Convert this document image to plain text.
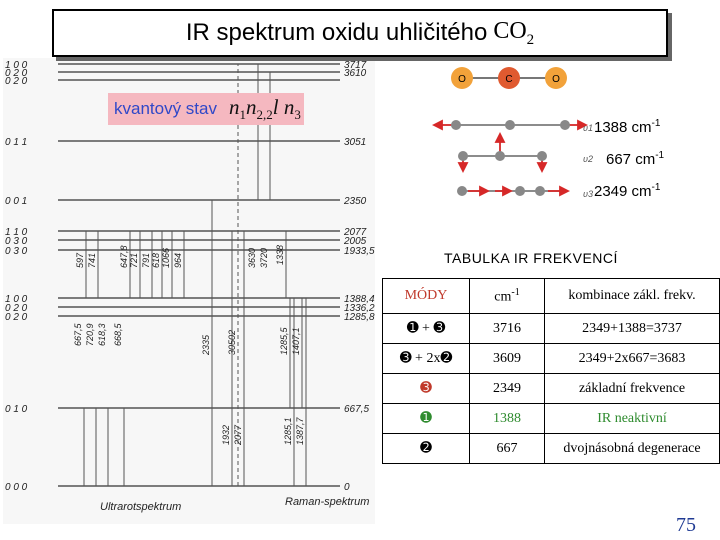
1 0 0	3717
0 2 0	3610
0 2 0
0 1 1	3051
0 0 1	2350
1 1 0	2077
0 3 0	2005
0 3 0	1933,5
1 0 0	1388,4
0 2 0	1336,2
0 2 0	1285,8
0 1 0	667,5
0 0 0	0
597 741 647,8 721 791 618 1066 964
667,5 720,9 618,3 668,5	2335 30502
3630 3720
1932 2077
1338
1285,5 1407,1
1285,1 1387,7
Ultrarotspektrum	Raman-spektrum
O	C	O
υ1
υ2
υ3
IR spektrum oxidu uhličitého $CO_2$
kvantový stav $n_1n_{2,2}l$ $n_3$
1388 $cm^{-1}$
667 $cm^{-1}$
2349 $cm^{-1}$
TABULKA IR FREKVENCÍ
MÓDY	$cm^{-1}$	kombinace zákl. frekv.
➊ + ➌	3716	2349+1388=3737
➌ + 2x➋	3609	2349+2x667=3683
➌	2349	základní frekvence
➊	1388	IR neaktivní
➋	667	dvojnásobná degenerace
75
